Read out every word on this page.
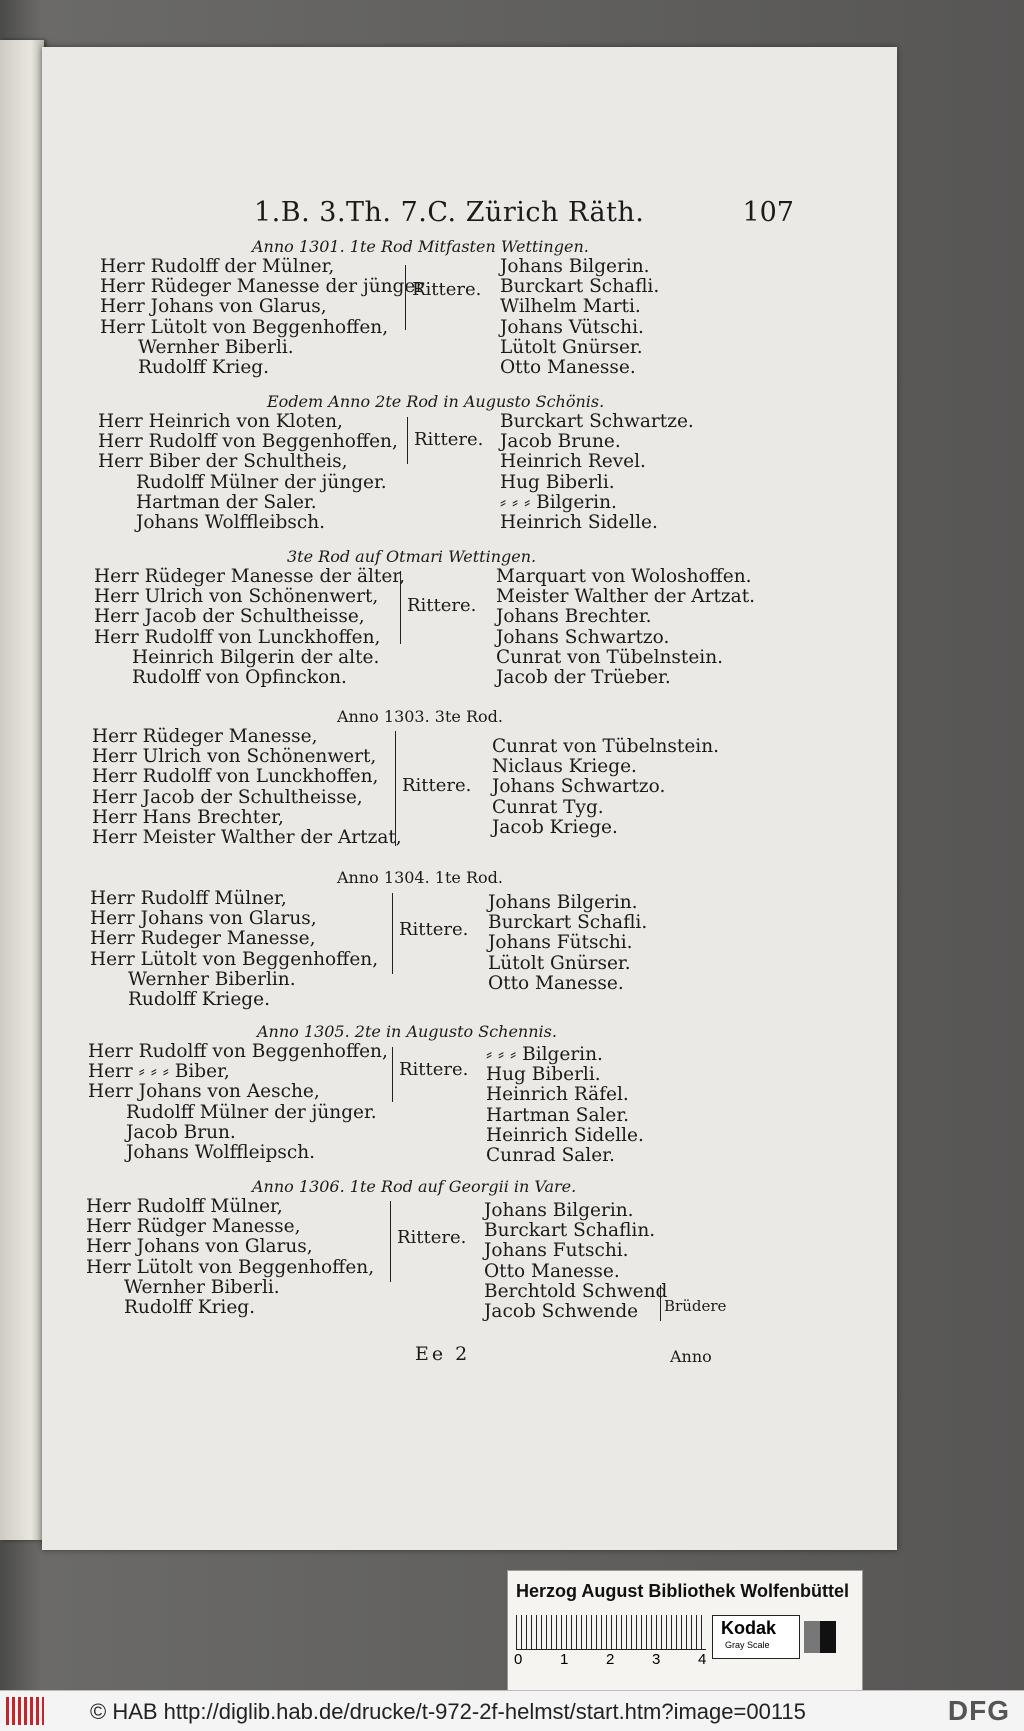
1.B. 3.Th. 7.C. Zürich Räth.	107
Anno 1301. 1te Rod Mitfasten Wettingen.
Herr Rudolff der Mülner,
Herr Rüdeger Manesse der jünger
Herr Johans von Glarus,
Herr Lütolt von Beggenhoffen,
Wernher Biberli.
Rudolff Krieg.
Rittere.
Johans Bilgerin.
Burckart Schafli.
Wilhelm Marti.
Johans Vütschi.
Lütolt Gnürser.
Otto Manesse.
Eodem Anno 2te Rod in Augusto Schönis.
Herr Heinrich von Kloten,
Herr Rudolff von Beggenhoffen,
Herr Biber der Schultheis,
Rudolff Mülner der jünger.
Hartman der Saler.
Johans Wolffleibsch.
Rittere.
Burckart Schwartze.
Jacob Brune.
Heinrich Revel.
Hug Biberli.
⸗ ⸗ ⸗ Bilgerin.
Heinrich Sidelle.
3te Rod auf Otmari Wettingen.
Herr Rüdeger Manesse der älter,
Herr Ulrich von Schönenwert,
Herr Jacob der Schultheisse,
Herr Rudolff von Lunckhoffen,
Heinrich Bilgerin der alte.
Rudolff von Opfinckon.
Rittere.
Marquart von Woloshoffen.
Meister Walther der Artzat.
Johans Brechter.
Johans Schwartzo.
Cunrat von Tübelnstein.
Jacob der Trüeber.
Anno 1303. 3te Rod.
Herr Rüdeger Manesse,
Herr Ulrich von Schönenwert,
Herr Rudolff von Lunckhoffen,
Herr Jacob der Schultheisse,
Herr Hans Brechter,
Herr Meister Walther der Artzat,
Rittere.
Cunrat von Tübelnstein.
Niclaus Kriege.
Johans Schwartzo.
Cunrat Tyg.
Jacob Kriege.
Anno 1304. 1te Rod.
Herr Rudolff Mülner,
Herr Johans von Glarus,
Herr Rudeger Manesse,
Herr Lütolt von Beggenhoffen,
Wernher Biberlin.
Rudolff Kriege.
Rittere.
Johans Bilgerin.
Burckart Schafli.
Johans Fütschi.
Lütolt Gnürser.
Otto Manesse.
Anno 1305. 2te in Augusto Schennis.
Herr Rudolff von Beggenhoffen,
Herr ⸗ ⸗ ⸗ Biber,
Herr Johans von Aesche,
Rudolff Mülner der jünger.
Jacob Brun.
Johans Wolffleipsch.
Rittere.
⸗ ⸗ ⸗ Bilgerin.
Hug Biberli.
Heinrich Räfel.
Hartman Saler.
Heinrich Sidelle.
Cunrad Saler.
Anno 1306. 1te Rod auf Georgii in Vare.
Herr Rudolff Mülner,
Herr Rüdger Manesse,
Herr Johans von Glarus,
Herr Lütolt von Beggenhoffen,
Wernher Biberli.
Rudolff Krieg.
Rittere.
Johans Bilgerin.
Burckart Schaflin.
Johans Futschi.
Otto Manesse.
Berchtold Schwend
Jacob Schwende	Brüdere
Ee 2	Anno
Herzog August Bibliothek Wolfenbüttel
0	1	2	3	4
Kodak
Gray Scale
© HAB http://diglib.hab.de/drucke/t-972-2f-helmst/start.htm?image=00115	DFG
